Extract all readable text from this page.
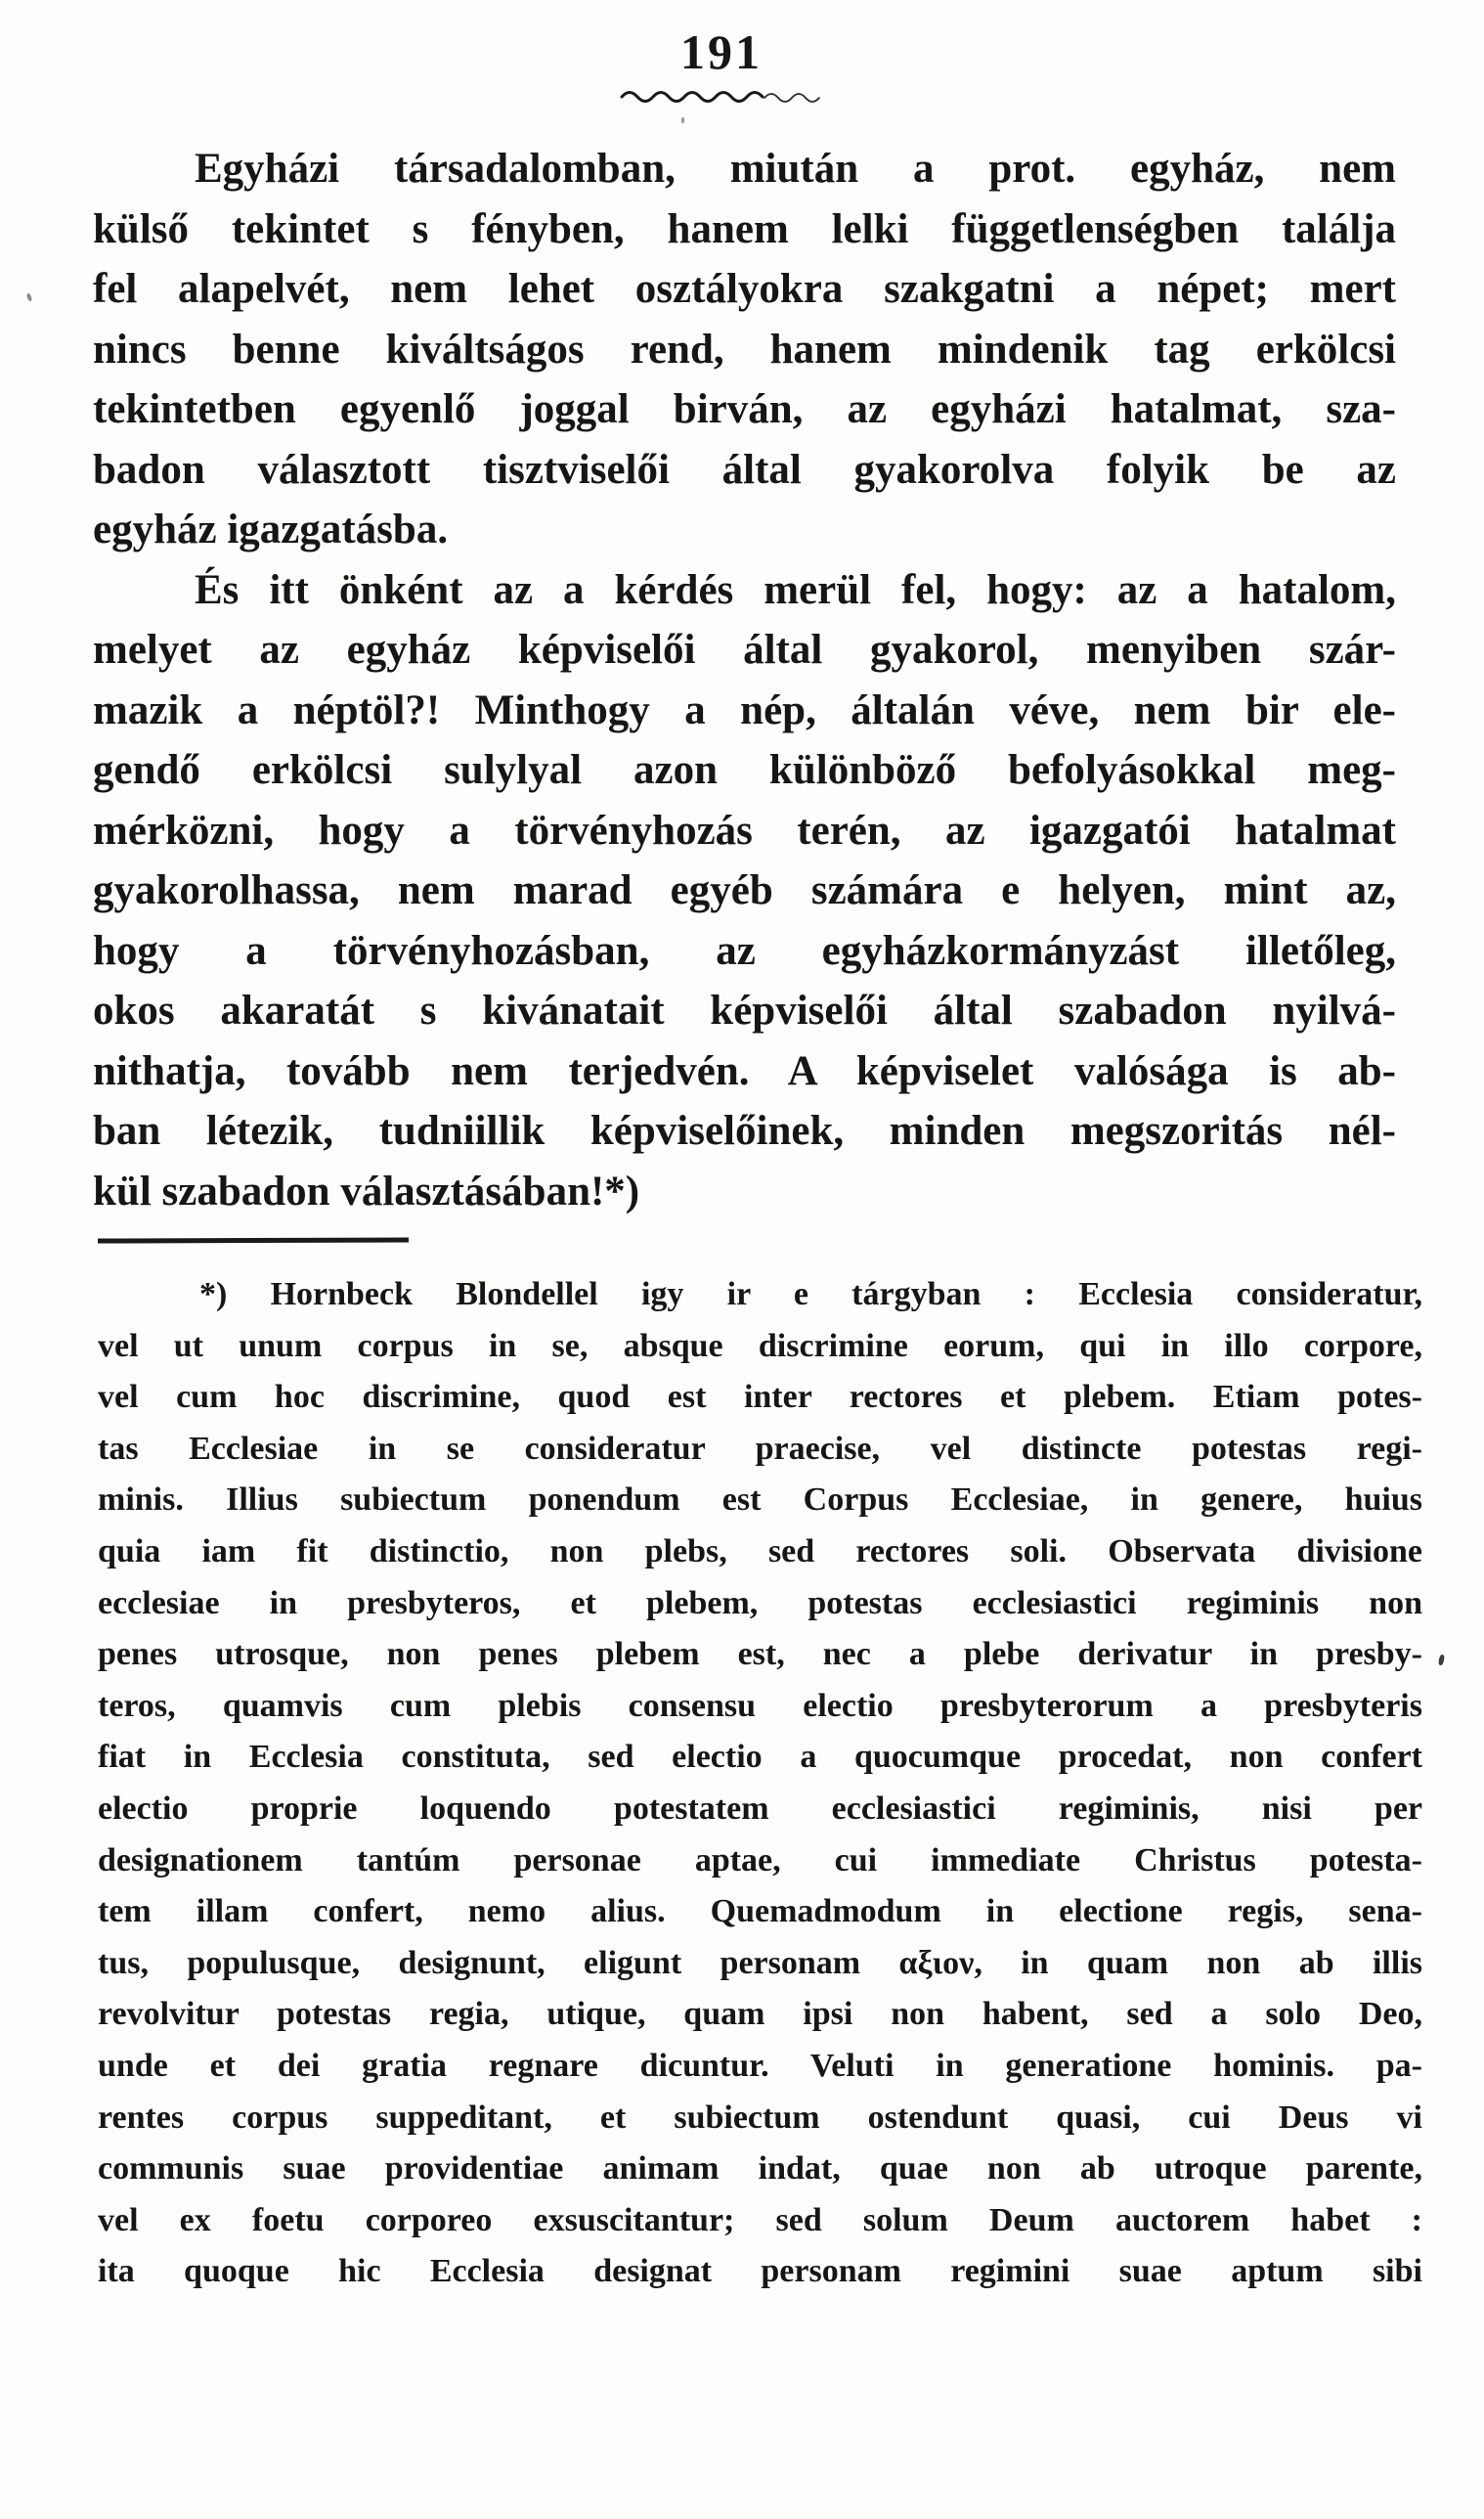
191
Egyházi társadalomban, miután a prot. egyház, nem
külső tekintet s fényben, hanem lelki függetlenségben találja
fel alapelvét, nem lehet osztályokra szakgatni a népet; mert
nincs benne kiváltságos rend, hanem mindenik tag erkölcsi
tekintetben egyenlő joggal birván, az egyházi hatalmat, sza-
badon választott tisztviselői által gyakorolva folyik be az
egyház igazgatásba.
És itt önként az a kérdés merül fel, hogy: az a hatalom,
melyet az egyház képviselői által gyakorol, menyiben szár-
mazik a néptöl?! Minthogy a nép, általán véve, nem bir ele-
gendő erkölcsi sulylyal azon különböző befolyásokkal meg-
mérközni, hogy a törvényhozás terén, az igazgatói hatalmat
gyakorolhassa, nem marad egyéb számára e helyen, mint az,
hogy a törvényhozásban, az egyházkormányzást illetőleg,
okos akaratát s kivánatait képviselői által szabadon nyilvá-
nithatja, tovább nem terjedvén. A képviselet valósága is ab-
ban létezik, tudniillik képviselőinek, minden megszoritás nél-
kül szabadon választásában!*)
*) Hornbeck Blondellel igy ir e tárgyban : Ecclesia consideratur,
vel ut unum corpus in se, absque discrimine eorum, qui in illo corpore,
vel cum hoc discrimine, quod est inter rectores et plebem. Etiam potes-
tas Ecclesiae in se consideratur praecise, vel distincte potestas regi-
minis. Illius subiectum ponendum est Corpus Ecclesiae, in genere, huius
quia iam fit distinctio, non plebs, sed rectores soli. Observata divisione
ecclesiae in presbyteros, et plebem, potestas ecclesiastici regiminis non
penes utrosque, non penes plebem est, nec a plebe derivatur in presby-
teros, quamvis cum plebis consensu electio presbyterorum a presbyteris
fiat in Ecclesia constituta, sed electio a quocumque procedat, non confert
electio proprie loquendo potestatem ecclesiastici regiminis, nisi per
designationem tantúm personae aptae, cui immediate Christus potesta-
tem illam confert, nemo alius. Quemadmodum in electione regis, sena-
tus, populusque, designunt, eligunt personam αξιον, in quam non ab illis
revolvitur potestas regia, utique, quam ipsi non habent, sed a solo Deo,
unde et dei gratia regnare dicuntur. Veluti in generatione hominis. pa-
rentes corpus suppeditant, et subiectum ostendunt quasi, cui Deus vi
communis suae providentiae animam indat, quae non ab utroque parente,
vel ex foetu corporeo exsuscitantur; sed solum Deum auctorem habet :
ita quoque hic Ecclesia designat personam regimini suae aptum sibi
